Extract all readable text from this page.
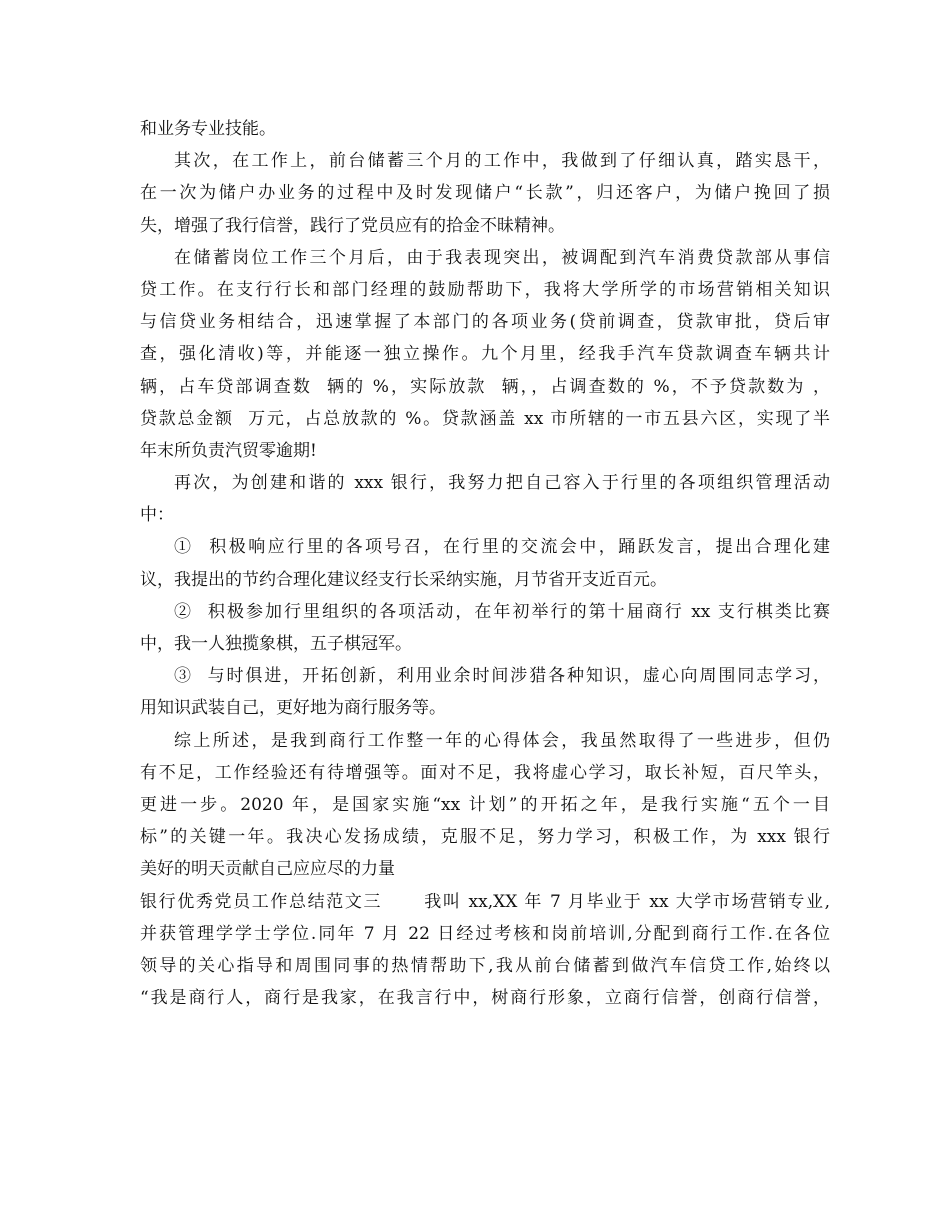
和业务专业技能。
其次，在工作上，前台储蓄三个月的工作中，我做到了仔细认真，踏实恳干，
在一次为储户办业务的过程中及时发现储户“长款”，归还客户，为储户挽回了损
失，增强了我行信誉，践行了党员应有的拾金不昧精神。
在储蓄岗位工作三个月后，由于我表现突出，被调配到汽车消费贷款部从事信
贷工作。在支行行长和部门经理的鼓励帮助下，我将大学所学的市场营销相关知识
与信贷业务相结合，迅速掌握了本部门的各项业务(贷前调查，贷款审批，贷后审
查，强化清收)等，并能逐一独立操作。九个月里，经我手汽车贷款调查车辆共计
辆，占车贷部调查数  辆的 %，实际放款  辆，，占调查数的 %，不予贷款数为 ，
贷款总金额  万元，占总放款的 %。贷款涵盖 xx 市所辖的一市五县六区，实现了半
年末所负责汽贸零逾期!
再次，为创建和谐的 xxx 银行，我努力把自己容入于行里的各项组织管理活动
中：
①  积极响应行里的各项号召，在行里的交流会中，踊跃发言，提出合理化建
议，我提出的节约合理化建议经支行长采纳实施，月节省开支近百元。
②  积极参加行里组织的各项活动，在年初举行的第十届商行 xx 支行棋类比赛
中，我一人独揽象棋，五子棋冠军。
③  与时俱进，开拓创新，利用业余时间涉猎各种知识，虚心向周围同志学习，
用知识武装自己，更好地为商行服务等。
综上所述，是我到商行工作整一年的心得体会，我虽然取得了一些进步，但仍
有不足，工作经验还有待增强等。面对不足，我将虚心学习，取长补短，百尺竿头，
更进一步。2020 年，是国家实施“xx 计划”的开拓之年，是我行实施“五个一目
标”的关键一年。我决心发扬成绩，克服不足，努力学习，积极工作，为 xxx 银行
美好的明天贡献自己应应尽的力量
银行优秀党员工作总结范文三      我叫 xx,XX 年 7 月毕业于 xx 大学市场营销专业,
并获管理学学士学位.同年 7 月 22 日经过考核和岗前培训,分配到商行工作.在各位
领导的关心指导和周围同事的热情帮助下,我从前台储蓄到做汽车信贷工作,始终以
“我是商行人，商行是我家，在我言行中，树商行形象，立商行信誉，创商行信誉，
